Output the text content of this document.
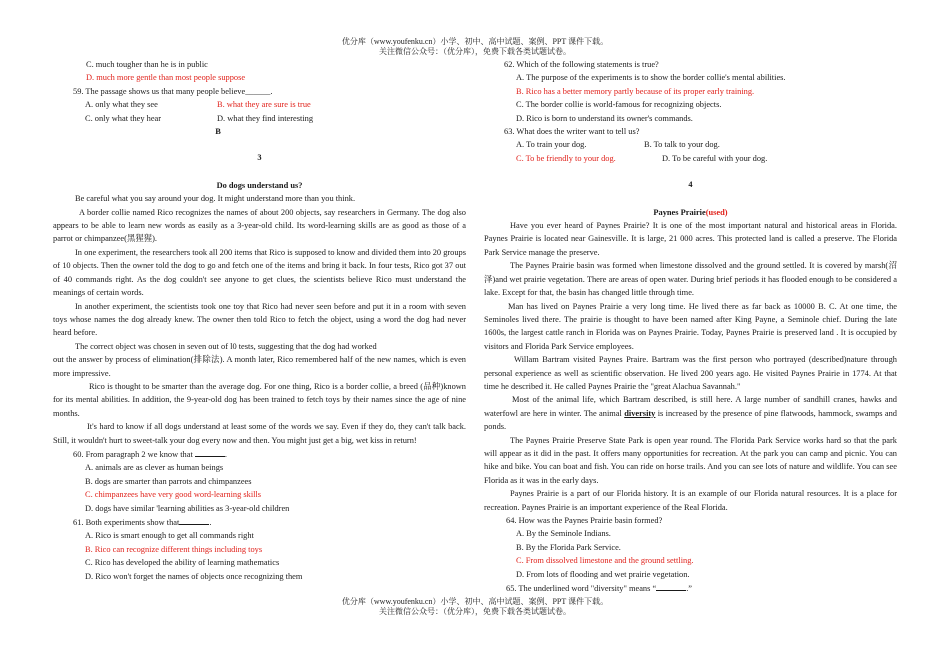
优分库（www.youfenku.cn）小学、初中、高中试题、案例、PPT 课件下载。
关注微信公众号：（优分库），免费下载各类试题试卷。
C. much tougher than he is in public
D. much more gentle than most people suppose
59. The passage shows us that many people believe______.
A. only what they see	B. what they are sure is true
C. only what they hear	D. what they find interesting
B
3
Do dogs understand us?
Be careful what you say around your dog. It might understand more than you think.
A border collie named Rico recognizes the names of about 200 objects, say researchers in Germany. The dog also appears to be able to learn new words as easily as a 3-year-old child. Its word-learning skills are as good as those of a parrot or chimpanzee(黑猩猩).
In one experiment, the researchers took all 200 items that Rico is supposed to know and divided them into 20 groups of 10 objects. Then the owner told the dog to go and fetch one of the items and bring it back. In four tests, Rico got 37 out of 40 commands right. As the dog couldn't see anyone to get clues, the scientists believe Rico must understand the meanings of certain words.
In another experiment, the scientists took one toy that Rico had never seen before and put it in a room with seven toys whose names the dog already knew. The owner then told Rico to fetch the object, using a word the dog had never heard before.
The correct object was chosen in seven out of l0 tests, suggesting that the dog had worked
out the answer by process of elimination(排除法). A month later, Rico remembered half of the new names, which is even more impressive.
Rico is thought to be smarter than the average dog. For one thing, Rico is a border collie, a breed (品种)known for its mental abilities. In addition, the 9-year-old dog has been trained to fetch toys by their names since the age of nine months.
It's hard to know if all dogs understand at least some of the words we say. Even if they do, they can't talk back. Still, it wouldn't hurt to sweet-talk your dog every now and then. You might just get a big, wet kiss in return!
60. From paragraph 2 we know that	.
A. animals are as clever as human beings
B. dogs are smarter than parrots and chimpanzees
C. chimpanzees have very good word-learning skills
D. dogs have similar 'learning abilities as 3-year-old children
61. Both experiments show that	.
A. Rico is smart enough to get all commands right
B. Rico can recognize different things including toys
C. Rico has developed the ability of learning mathematics
D. Rico won't forget the names of objects once recognizing them
62. Which of the following statements is true?
A. The purpose of the experiments is to show the border collie's mental abilities.
B. Rico has a better memory partly because of its proper early training.
C. The border collie is world-famous for recognizing objects.
D. Rico is born to understand its owner's commands.
63. What does the writer want to tell us?
A. To train your dog.	B. To talk to your dog.
C. To be friendly to your dog.	D. To be careful with your dog.
4
Paynes Prairie(used)
Have you ever heard of Paynes Prairie? It is one of the most important natural and historical areas in Florida. Paynes Prairie is located near Gainesville. It is large, 21 000 acres. This protected land is called a preserve. The Florida Park Service manage the preserve.
The Paynes Prairie basin was formed when limestone dissolved and the ground settled. It is covered by marsh(沼泽)and wet prairie vegetation. There are areas of open water. During brief periods it has flooded enough to be considered a lake. Except for that, the basin has changed little through time.
Man has lived on Paynes Prairie a very long time. He lived there as far back as 10000 B. C. At one time, the Seminoles lived there. The prairie is thought to have been named after King Payne, a Seminole chief. During the late 1600s, the largest cattle ranch in Florida was on Paynes Prairie. Today, Paynes Prairie is preserved land . It is occupied by visitors and Florida Park Service employees.
Willam Bartram visited Paynes Praire. Bartram was the first person who portrayed (described)nature through personal experience as well as scientific observation. He lived 200 years ago. He visited Paynes Prairie in 1774. At that time he described it. He called Paynes Prairie the "great Alachua Savannah."
Most of the animal life, which Bartram described, is still here. A large number of sandhill cranes, hawks and waterfowl are here in winter. The animal diversity is increased by the presence of pine flatwoods, hammock, swamps and ponds.
The Paynes Prairie Preserve State Park is open year round. The Florida Park Service works hard so that the park will appear as it did in the past. It offers many opportunities for recreation. At the park you can camp and picnic. You can hike and bike. You can boat and fish. You can ride on horse trails. And you can see lots of nature and wildlife. You can see Florida as it was in the early days.
Paynes Prairie is a part of our Florida history. It is an example of our Florida natural resources. It is a place for recreation. Paynes Prairie is an important experience of the Real Florida.
64. How was the Paynes Prairie basin formed?
A. By the Seminole Indians.
B. By the Florida Park Service.
C. From dissolved limestone and the ground settling.
D. From lots of flooding and wet prairie vegetation.
65. The underlined word "diversity" means “	.”
优分库（www.youfenku.cn）小学、初中、高中试题、案例、PPT 课件下载。
关注微信公众号：（优分库），免费下载各类试题试卷。
